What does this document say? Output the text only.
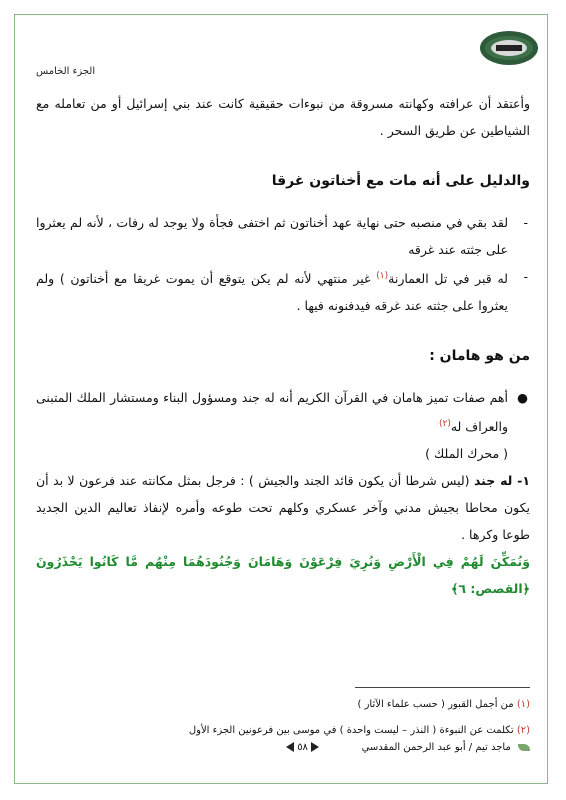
الجزء الخامس

وأعتقد أن عرافته وكهانته مسروقة من نبوءات حقيقية كانت عند بني إسرائيل أو من تعامله مع الشياطين عن طريق السحر .

والدليل على أنه مات مع أخناتون غرقا

-
لقد بقي في منصبه حتى نهاية عهد أخناتون ثم اختفى فجأة ولا يوجد له رفات ، لأنه لم يعثروا على جثته عند غرقه

-
له قبر في تل العمارنة$^{(١)}$ غير منتهي لأنه لم يكن يتوقع أن يموت غريقا مع أخناتون ) ولم يعثروا على جثته عند غرقه فيدفنونه فيها .

من هو هامان :

●
أهم صفات تميز هامان في القرآن الكريم أنه له جند ومسؤول البناء ومستشار الملك المتبنى والعراف له$^{(٢)}$

( محرك الملك )

١- له جند (ليس شرطا أن يكون قائد الجند والجيش ) : فرجل بمثل مكانته عند فرعون لا بد أن يكون محاطا بجيش مدني وآخر عسكري وكلهم تحت طوعه وأمره لإنفاذ تعاليم الدين الجديد طوعا وكرها .

وَنُمَكِّنَ لَهُمْ فِي الْأَرْضِ وَنُرِيَ فِرْعَوْنَ وَهَامَانَ وَجُنُودَهُمَا مِنْهُم مَّا كَانُوا يَحْذَرُونَ ﴿القصص: ٦﴾

(١) من أجمل القبور ( حسب علماء الآثار )
(٢) تكلمت عن النبوءة ( النذر – ليست واحدة ) في موسى بين فرعونين الجزء الأول
٥٨	ماجد تيم / أبو عبد الرحمن المقدسي
